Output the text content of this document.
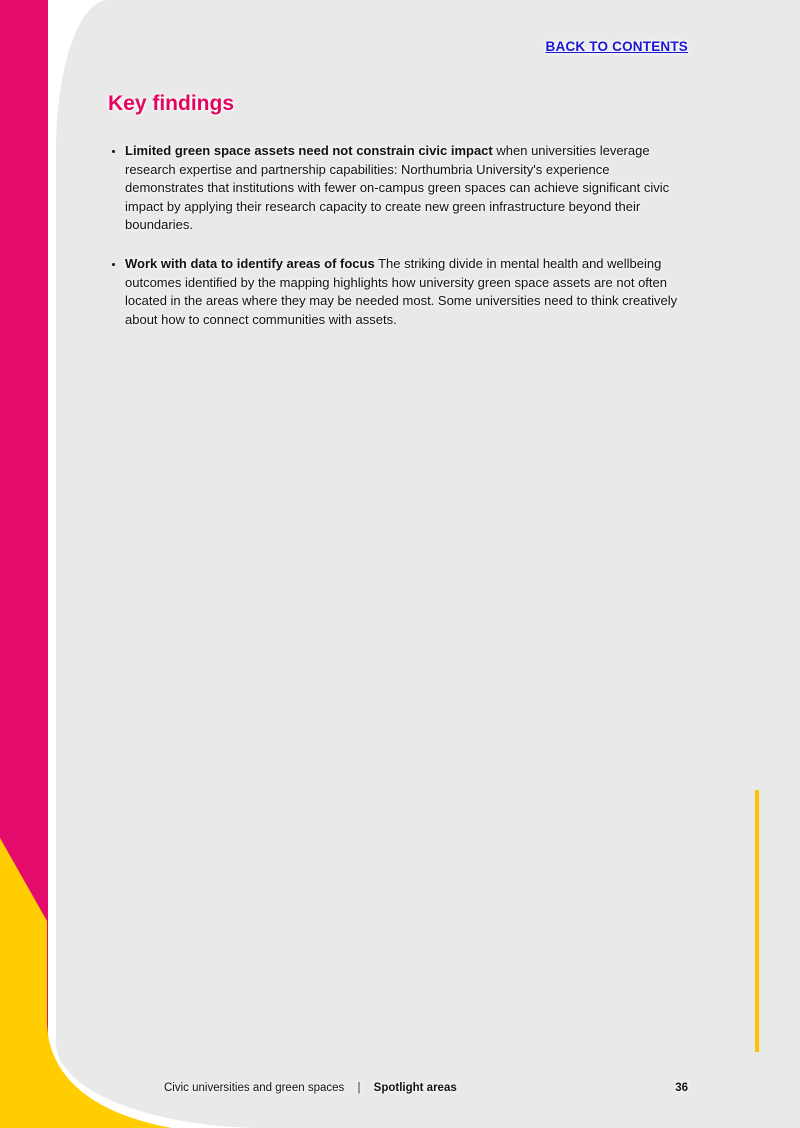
BACK TO CONTENTS
Key findings
• Limited green space assets need not constrain civic impact when universities leverage research expertise and partnership capabilities: Northumbria University's experience demonstrates that institutions with fewer on-campus green spaces can achieve significant civic impact by applying their research capacity to create new green infrastructure beyond their boundaries.
• Work with data to identify areas of focus The striking divide in mental health and wellbeing outcomes identified by the mapping highlights how university green space assets are not often located in the areas where they may be needed most. Some universities need to think creatively about how to connect communities with assets.
Civic universities and green spaces | Spotlight areas	36
